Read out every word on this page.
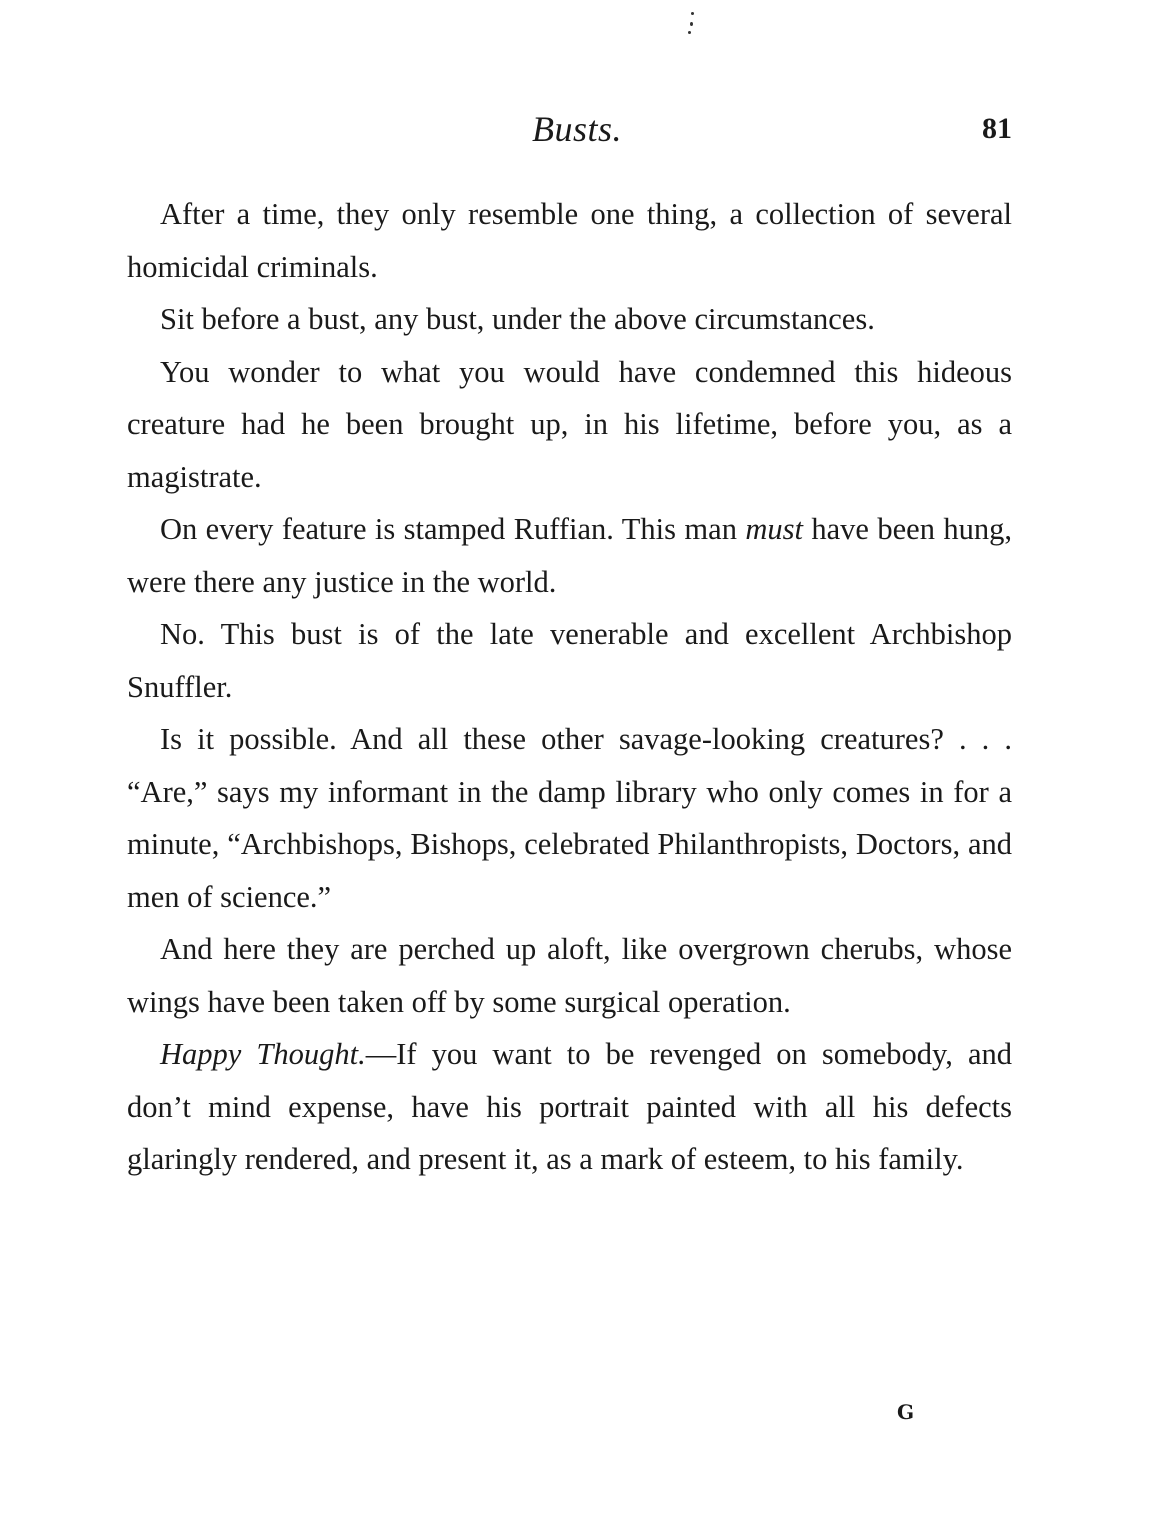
Busts.	81

After a time, they only resemble one thing, a collection of several homicidal criminals.

Sit before a bust, any bust, under the above circumstances.

You wonder to what you would have condemned this hideous creature had he been brought up, in his lifetime, before you, as a magistrate.

On every feature is stamped Ruffian. This man must have been hung, were there any justice in the world.

No. This bust is of the late venerable and excellent Archbishop Snuffler.

Is it possible. And all these other savage-looking creatures? . . . “Are,” says my informant in the damp library who only comes in for a minute, “Archbishops, Bishops, celebrated Philanthropists, Doctors, and men of science.”

And here they are perched up aloft, like overgrown cherubs, whose wings have been taken off by some surgical operation.

Happy Thought.—If you want to be revenged on somebody, and don’t mind expense, have his portrait painted with all his defects glaringly rendered, and present it, as a mark of esteem, to his family.

G
